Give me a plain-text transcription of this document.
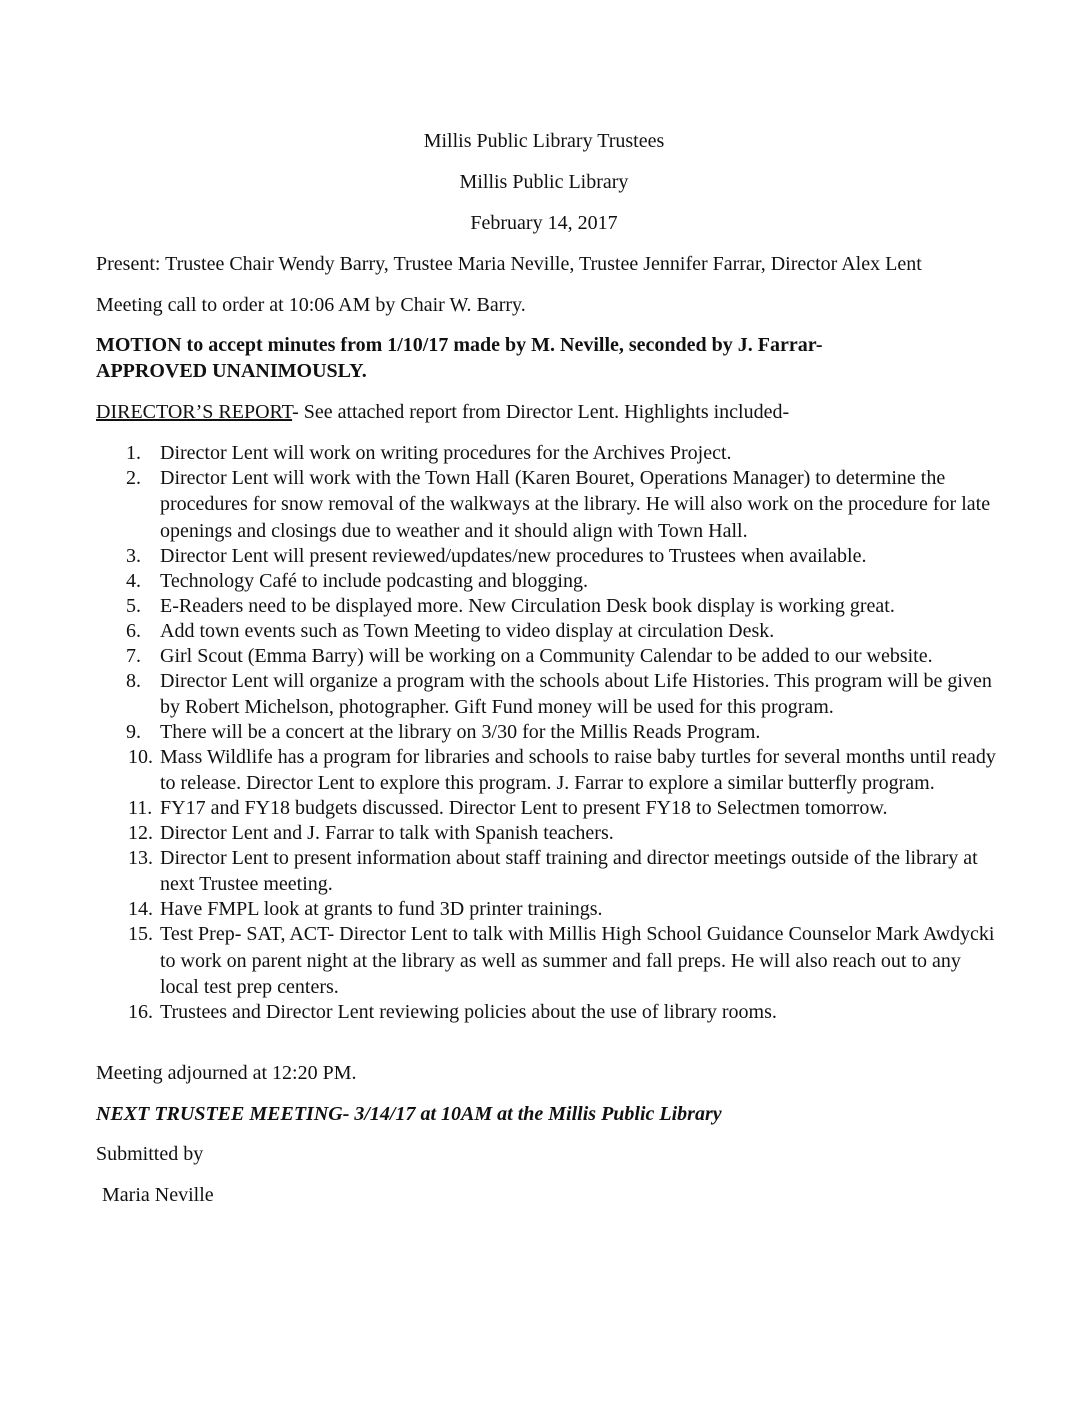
Millis Public Library Trustees
Millis Public Library
February 14, 2017

Present: Trustee Chair Wendy Barry, Trustee Maria Neville, Trustee Jennifer Farrar, Director Alex Lent

Meeting call to order at 10:06 AM by Chair W. Barry.

MOTION to accept minutes from 1/10/17 made by M. Neville, seconded by J. Farrar-
APPROVED UNANIMOUSLY.

DIRECTOR’S REPORT- See attached report from Director Lent. Highlights included-

1. Director Lent will work on writing procedures for the Archives Project.
2. Director Lent will work with the Town Hall (Karen Bouret, Operations Manager) to determine the procedures for snow removal of the walkways at the library. He will also work on the procedure for late openings and closings due to weather and it should align with Town Hall.
3. Director Lent will present reviewed/updates/new procedures to Trustees when available.
4. Technology Café to include podcasting and blogging.
5. E-Readers need to be displayed more. New Circulation Desk book display is working great.
6. Add town events such as Town Meeting to video display at circulation Desk.
7. Girl Scout (Emma Barry) will be working on a Community Calendar to be added to our website.
8. Director Lent will organize a program with the schools about Life Histories. This program will be given by Robert Michelson, photographer. Gift Fund money will be used for this program.
9. There will be a concert at the library on 3/30 for the Millis Reads Program.
10. Mass Wildlife has a program for libraries and schools to raise baby turtles for several months until ready to release. Director Lent to explore this program. J. Farrar to explore a similar butterfly program.
11. FY17 and FY18 budgets discussed. Director Lent to present FY18 to Selectmen tomorrow.
12. Director Lent and J. Farrar to talk with Spanish teachers.
13. Director Lent to present information about staff training and director meetings outside of the library at next Trustee meeting.
14. Have FMPL look at grants to fund 3D printer trainings.
15. Test Prep- SAT, ACT- Director Lent to talk with Millis High School Guidance Counselor Mark Awdycki to work on parent night at the library as well as summer and fall preps. He will also reach out to any local test prep centers.
16. Trustees and Director Lent reviewing policies about the use of library rooms.

Meeting adjourned at 12:20 PM.

NEXT TRUSTEE MEETING- 3/14/17 at 10AM at the Millis Public Library

Submitted by

Maria Neville
